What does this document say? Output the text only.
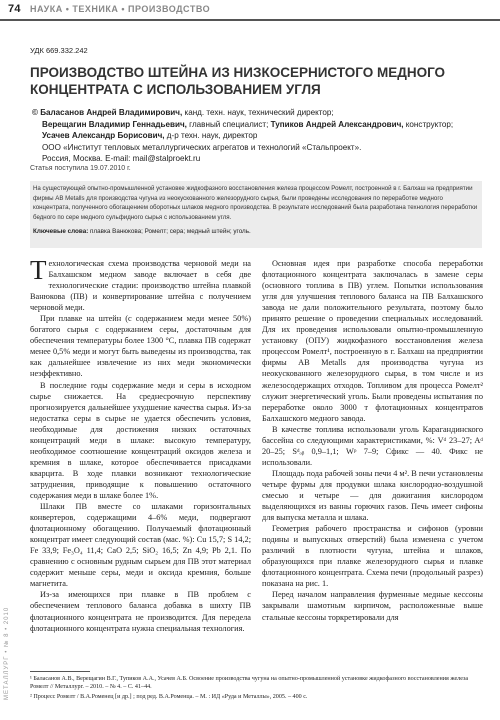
74 НАУКА • ТЕХНИКА • ПРОИЗВОДСТВО
МЕТАЛЛУРГ • № 8 • 2010
УДК 669.332.242
ПРОИЗВОДСТВО ШТЕЙНА ИЗ НИЗКОСЕРНИСТОГО МЕДНОГО КОНЦЕНТРАТА С ИСПОЛЬЗОВАНИЕМ УГЛЯ
© Баласанов Андрей Владимирович, канд. техн. наук, технический директор;
Верещагин Владимир Геннадьевич, главный специалист; Тупиков Андрей Александрович, конструктор;
Усачев Александр Борисович, д-р техн. наук, директор
ООО «Институт тепловых металлургических агрегатов и технологий «Стальпроект».
Россия, Москва. E-mail: mail@stalproekt.ru
Статья поступила 19.07.2010 г.

На существующей опытно-промышленной установке жидкофазного восстановления железа процессом Ромелт, построенной в г. Балхаш на предприятии фирмы AB Metalls для производства чугуна из неокускованного железорудного сырья, были проведены исследования по переработке медного концентрата, полученного обогащением оборотных шлаков медного производства. В результате исследований была разработана технология переработки бедного по сере медного сульфидного сырья с использованием угля.

Ключевые слова: плавка Ванюкова; Ромелт; сера; медный штейн; уголь.

Технологическая схема производства черновой меди на Балхашском медном заводе включает в себя две технологические стадии: производство штейна плавкой Ванюкова (ПВ) и конвертирование штейна с получением черновой меди.

При плавке на штейн (с содержанием меди менее 50%) богатого сырья с содержанием серы, достаточным для обеспечения температуры более 1300 °С, плавка ПВ содержат менее 0,5% меди и могут быть выведены из производства, так как дальнейшее извлечение из них меди экономически неэффективно.

В последние годы содержание меди и серы в исходном сырье снижается. На среднесрочную перспективу прогнозируется дальнейшее ухудшение качества сырья. Из-за недостатка серы в сырье не удается обеспечить условия, необходимые для достижения низких остаточных концентраций меди в шлаке: высокую температуру, необходимое соотношение концентраций оксидов железа и кремния в шлаке, которое обеспечивается присадками кварцита. В ходе плавки возникают технологические затруднения, приводящие к повышению остаточного содержания меди в шлаке более 1%.

Шлаки ПВ вместе со шлаками горизонтальных конвертеров, содержащими 4–6% меди, подвергают флотационному обогащению. Получаемый флотационный концентрат имеет следующий состав (мас. %): Cu 15,7; S 14,2; Fe 33,9; Fe₃O₄ 11,4; CaO 2,5; SiO₂ 16,5; Zn 4,9; Pb 2,1. По сравнению с основным рудным сырьем для ПВ этот материал содержит меньше серы, меди и оксида кремния, больше магнетита.

Из-за имеющихся при плавке в ПВ проблем с обеспечением теплового баланса добавка в шихту ПВ флотационного концентрата не производится. Для передела флотационного концентрата нужна специальная технология.

Основная идея при разработке способа переработки флотационного концентрата заключалась в замене серы (основного топлива в ПВ) углем. Попытки использования угля для улучшения теплового баланса на ПВ Балхашского завода не дали положительного результата, поэтому было принято решение о проведении специальных исследований. Для их проведения использовали опытно-промышленную установку (ОПУ) жидкофазного восстановления железа процессом Ромелт¹, построенную в г. Балхаш на предприятии фирмы AB Metalls для производства чугуна из неокускованного железорудного сырья, в том числе и из железосодержащих отходов. Топливом для процесса Ромелт² служит энергетический уголь. Были проведены испытания по переработке около 3000 т флотационных концентратов Балхашского медного завода.

В качестве топлива использовали уголь Карагандинского бассейна со следующими характеристиками, %: Vᵈ 23–27; Aᵈ 20–25; Sᵈₒᵦ 0,9–1,1; Wᵖ 7–9; Cфикс — 40. Фикс не использовали.

Площадь пода рабочей зоны печи 4 м². В печи установлены четыре фурмы для продувки шлака кислородно-воздушной смесью и четыре — для дожигания кислородом выделяющихся из ванны горючих газов. Печь имеет сифоны для выпуска металла и шлака.

Геометрия рабочего пространства и сифонов (уровни подины и выпускных отверстий) была изменена с учетом различий в плотности чугуна, штейна и шлаков, образующихся при плавке железорудного сырья и плавке флотационного концентрата. Схема печи (продольный разрез) показана на рис. 1.

Перед началом направления фурменные медные кессоны закрывали шамотным кирпичом, расположенные выше стальные кессоны торкретировали для

¹ Баласанов А.В., Верещагин В.Г., Тупиков А.А., Усачев А.Б. Освоение производства чугуна на опытно-промышленной установке жидкофазного восстановления железа Ромелт // Металлург. – 2010. – № 4. – С. 41–44.

² Процесс Ромелт / В.А.Роменец [и др.] ; под ред. В.А.Роменца. – М. : ИД «Руда и Металлы», 2005. – 400 с.
